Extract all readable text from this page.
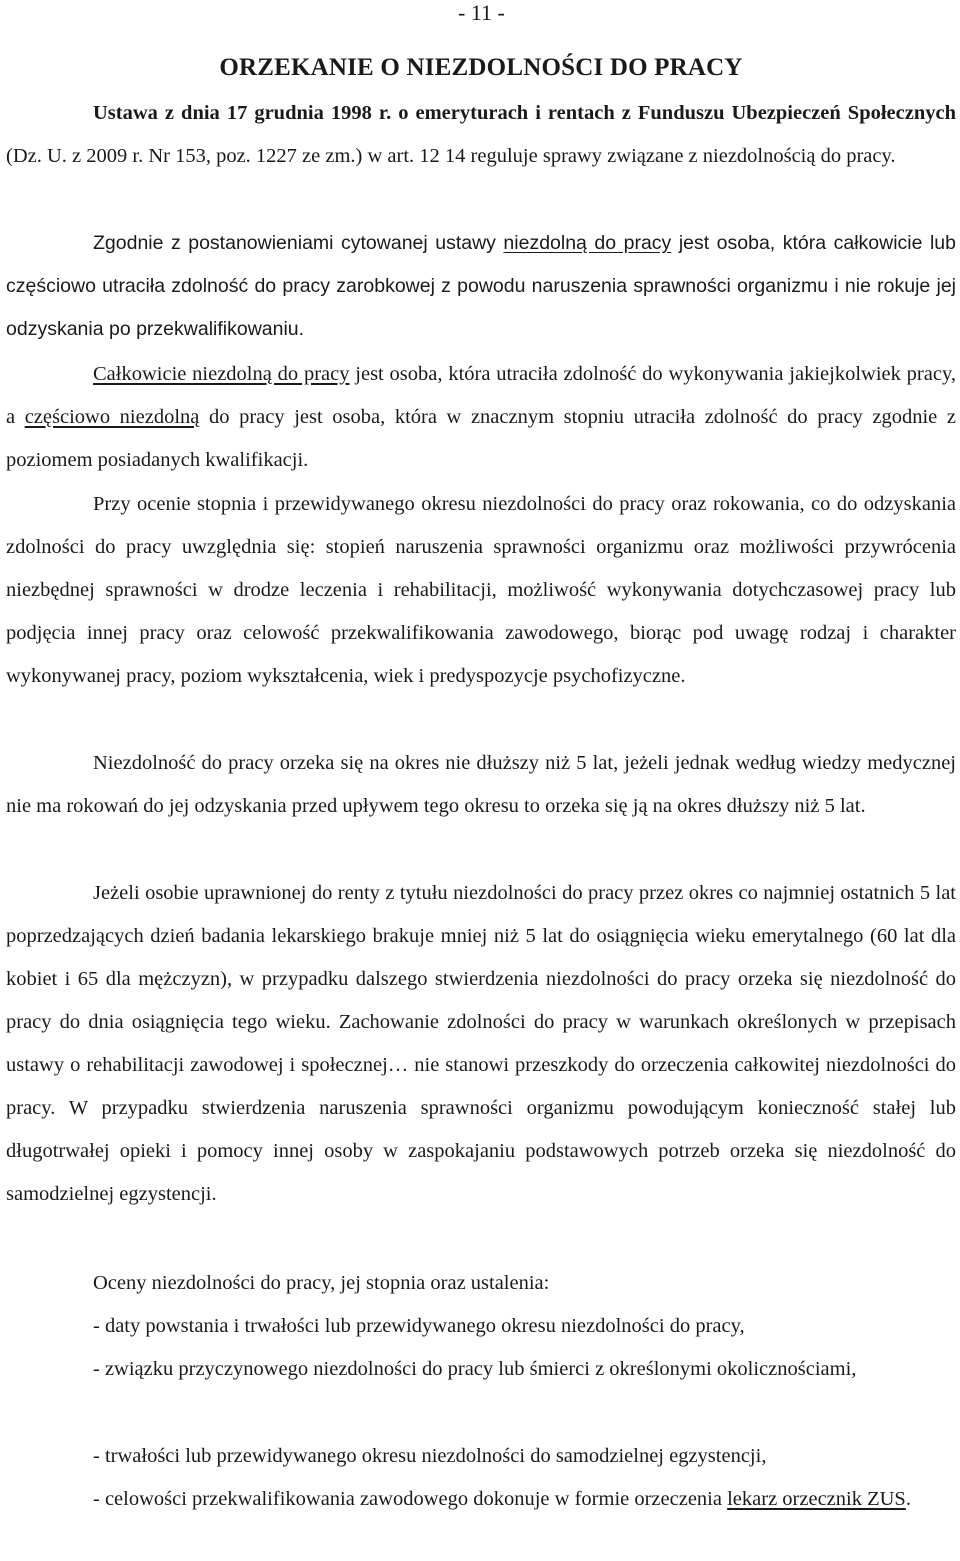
- 11 -
ORZEKANIE O NIEZDOLNOŚCI DO PRACY

Ustawa z dnia 17 grudnia 1998 r. o emeryturach i rentach z Funduszu Ubezpieczeń Społecznych (Dz. U. z 2009 r. Nr 153, poz. 1227 ze zm.) w art. 12 14 reguluje sprawy związane z niezdolnością do pracy.

Zgodnie z postanowieniami cytowanej ustawy niezdolną do pracy jest osoba, która całkowicie lub częściowo utraciła zdolność do pracy zarobkowej z powodu naruszenia sprawności organizmu i nie rokuje jej odzyskania po przekwalifikowaniu.

Całkowicie niezdolną do pracy jest osoba, która utraciła zdolność do wykonywania jakiejkolwiek pracy, a częściowo niezdolną do pracy jest osoba, która w znacznym stopniu utraciła zdolność do pracy zgodnie z poziomem posiadanych kwalifikacji.

Przy ocenie stopnia i przewidywanego okresu niezdolności do pracy oraz rokowania, co do odzyskania zdolności do pracy uwzględnia się: stopień naruszenia sprawności organizmu oraz możliwości przywrócenia niezbędnej sprawności w drodze leczenia i rehabilitacji, możliwość wykonywania dotychczasowej pracy lub podjęcia innej pracy oraz celowość przekwalifikowania zawodowego, biorąc pod uwagę rodzaj i charakter wykonywanej pracy, poziom wykształcenia, wiek i predyspozycje psychofizyczne.

Niezdolność do pracy orzeka się na okres nie dłuższy niż 5 lat, jeżeli jednak według wiedzy medycznej nie ma rokowań do jej odzyskania przed upływem tego okresu to orzeka się ją na okres dłuższy niż 5 lat.

Jeżeli osobie uprawnionej do renty z tytułu niezdolności do pracy przez okres co najmniej ostatnich 5 lat poprzedzających dzień badania lekarskiego brakuje mniej niż 5 lat do osiągnięcia wieku emerytalnego (60 lat dla kobiet i 65 dla mężczyzn), w przypadku dalszego stwierdzenia niezdolności do pracy orzeka się niezdolność do pracy do dnia osiągnięcia tego wieku. Zachowanie zdolności do pracy w warunkach określonych w przepisach ustawy o rehabilitacji zawodowej i społecznej… nie stanowi przeszkody do orzeczenia całkowitej niezdolności do pracy. W przypadku stwierdzenia naruszenia sprawności organizmu powodującym konieczność stałej lub długotrwałej opieki i pomocy innej osoby w zaspokajaniu podstawowych potrzeb orzeka się niezdolność do samodzielnej egzystencji.

Oceny niezdolności do pracy, jej stopnia oraz ustalenia:

- daty powstania i trwałości lub przewidywanego okresu niezdolności do pracy,
- związku przyczynowego niezdolności do pracy lub śmierci z określonymi okolicznościami,
- trwałości lub przewidywanego okresu niezdolności do samodzielnej egzystencji,
- celowości przekwalifikowania zawodowego dokonuje w formie orzeczenia lekarz orzecznik ZUS.
